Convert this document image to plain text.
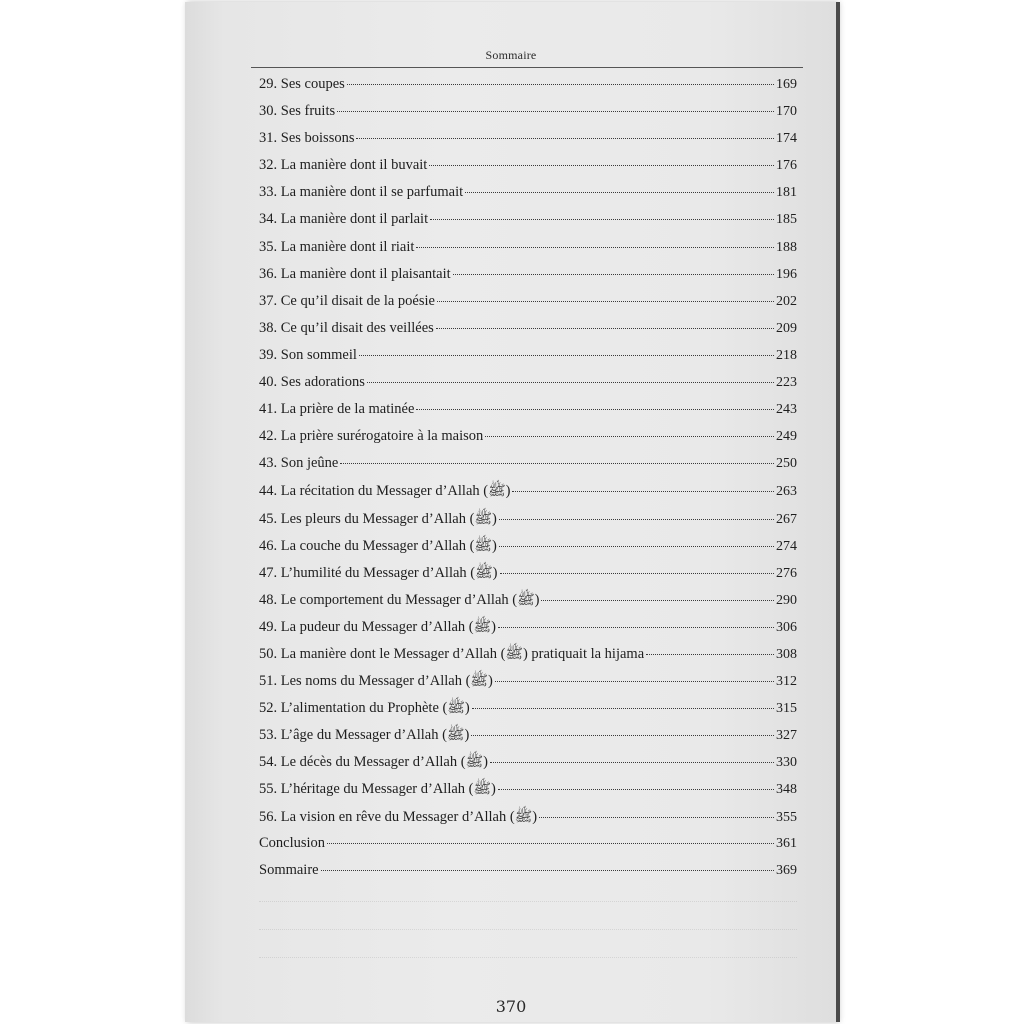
Sommaire
29. Ses coupes	169
30. Ses fruits	170
31. Ses boissons	174
32. La manière dont il buvait	176
33. La manière dont il se parfumait	181
34. La manière dont il parlait	185
35. La manière dont il riait	188
36. La manière dont il plaisantait	196
37. Ce qu’il disait de la poésie	202
38. Ce qu’il disait des veillées	209
39. Son sommeil	218
40. Ses adorations	223
41. La prière de la matinée	243
42. La prière surérogatoire à la maison	249
43. Son jeûne	250
44. La récitation du Messager d’Allah (ﷺ)	263
45. Les pleurs du Messager d’Allah (ﷺ)	267
46. La couche du Messager d’Allah (ﷺ)	274
47. L’humilité du Messager d’Allah (ﷺ)	276
48. Le comportement du Messager d’Allah (ﷺ)	290
49. La pudeur du Messager d’Allah (ﷺ)	306
50. La manière dont le Messager d’Allah (ﷺ) pratiquait la hijama	308
51. Les noms du Messager d’Allah (ﷺ)	312
52. L’alimentation du Prophète (ﷺ)	315
53. L’âge du Messager d’Allah (ﷺ)	327
54. Le décès du Messager d’Allah (ﷺ)	330
55. L’héritage du Messager d’Allah (ﷺ)	348
56. La vision en rêve du Messager d’Allah (ﷺ)	355
Conclusion	361
Sommaire	369
370
